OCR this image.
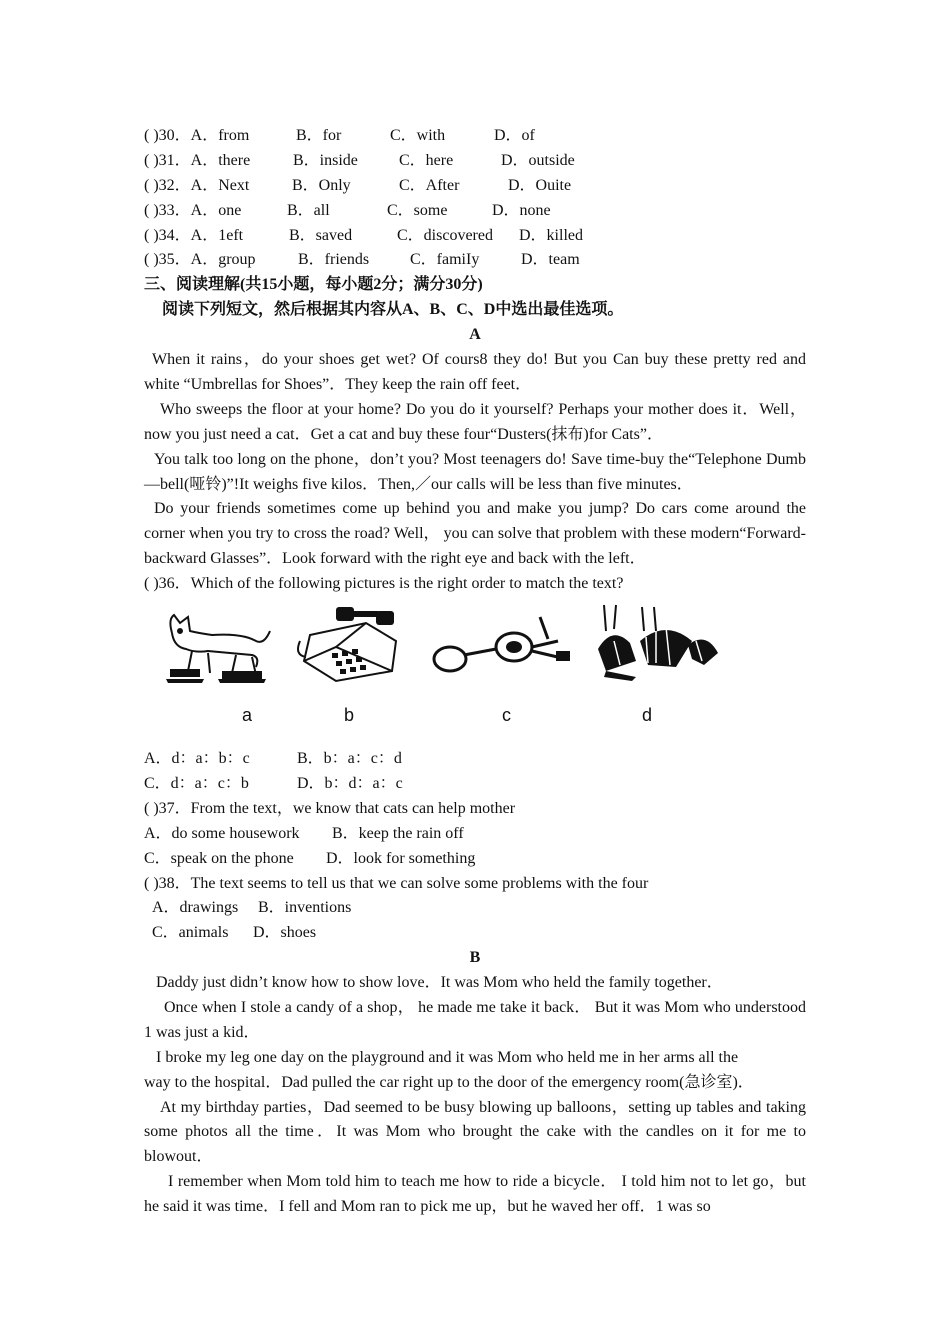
( )30．A．from	B．for	C．with	D．of
( )31．A．there	B．inside	C．here	D．outside
( )32．A．Next	B．Only	C．After	D．Ouite
( )33．A．one	B．all	C．some	D．none
( )34．A．1eft	B．saved	C．discovered D．killed
( )35．A．group	B．friends	C．famiIy	D．team
三、阅读理解(共15小题，每小题2分；满分30分)
阅读下列短文，然后根据其内容从A、B、C、D中选出最佳选项。
A
When it rains，do your shoes get wet? Of cours8 they do! But you Can buy these pretty red and white “Umbrellas for Shoes”．They keep the rain off feet．
Who sweeps the floor at your home? Do you do it yourself? Perhaps your mother does it．Well，now you just need a cat．Get a cat and buy these four“Dusters(抹布)for Cats”．
You talk too long on the phone，don’t you? Most teenagers do! Save time-buy the“Telephone Dumb—bell(哑铃)”!It weighs five kilos．Then,／our calls will be less than five minutes．
Do your friends sometimes come up behind you and make you jump? Do cars come around the corner when you try to cross the road? Well， you can solve that problem with these modern“Forward-backward Glasses”．Look forward with the right eye and back with the left．
( )36．Which of the following pictures is the right order to match the text?
a	b	c	d
A．d：a：b：c	B．b：a：c：d
C．d：a：c：b	D．b：d：a：c
( )37．From the text，we know that cats can help mother
A．do some housework B．keep the rain off
C．speak on the phone D．look for something
( )38．The text seems to tell us that we can solve some problems with the four
A．drawings B．inventions
C．animals D．shoes
B
Daddy just didn’t know how to show love．It was Mom who held the family together．
Once when I stole a candy of a shop， he made me take it back． But it was Mom who understood 1 was just a kid．
I broke my leg one day on the playground and it was Mom who held me in her arms all the
way to the hospital．Dad pulled the car right up to the door of the emergency room(急诊室)．
At my birthday parties，Dad seemed to be busy blowing up balloons，setting up tables and taking some photos all the time．It was Mom who brought the cake with the candles on it for me to blowout．
I remember when Mom told him to teach me how to ride a bicycle． I told him not to let go，but he said it was time．I fell and Mom ran to pick me up，but he waved her off．1 was so
